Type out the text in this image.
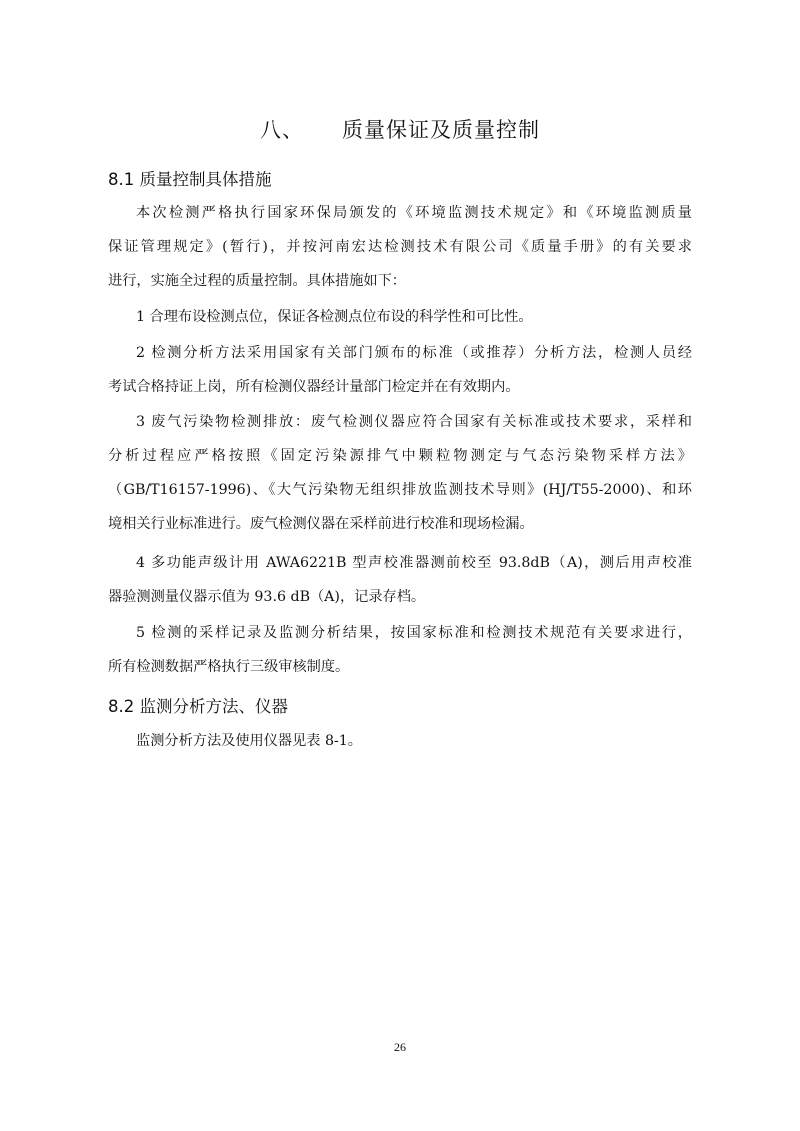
八、 质量保证及质量控制
8.1 质量控制具体措施
本次检测严格执行国家环保局颁发的《环境监测技术规定》和《环境监测质量
保证管理规定》(暂行)，并按河南宏达检测技术有限公司《质量手册》的有关要求
进行，实施全过程的质量控制。具体措施如下：
1 合理布设检测点位，保证各检测点位布设的科学性和可比性。
2 检测分析方法采用国家有关部门颁布的标准（或推荐）分析方法，检测人员经
考试合格持证上岗，所有检测仪器经计量部门检定并在有效期内。
3 废气污染物检测排放：废气检测仪器应符合国家有关标准或技术要求，采样和
分析过程应严格按照《固定污染源排气中颗粒物测定与气态污染物采样方法》
（GB/T16157-1996)、《大气污染物无组织排放监测技术导则》(HJ/T55-2000)、和环
境相关行业标准进行。废气检测仪器在采样前进行校准和现场检漏。
4 多功能声级计用 AWA6221B 型声校准器测前校至 93.8dB（A)，测后用声校准
器验测测量仪器示值为 93.6 dB（A)，记录存档。
5 检测的采样记录及监测分析结果，按国家标准和检测技术规范有关要求进行，
所有检测数据严格执行三级审核制度。
8.2 监测分析方法、仪器
监测分析方法及使用仪器见表 8-1。
26
